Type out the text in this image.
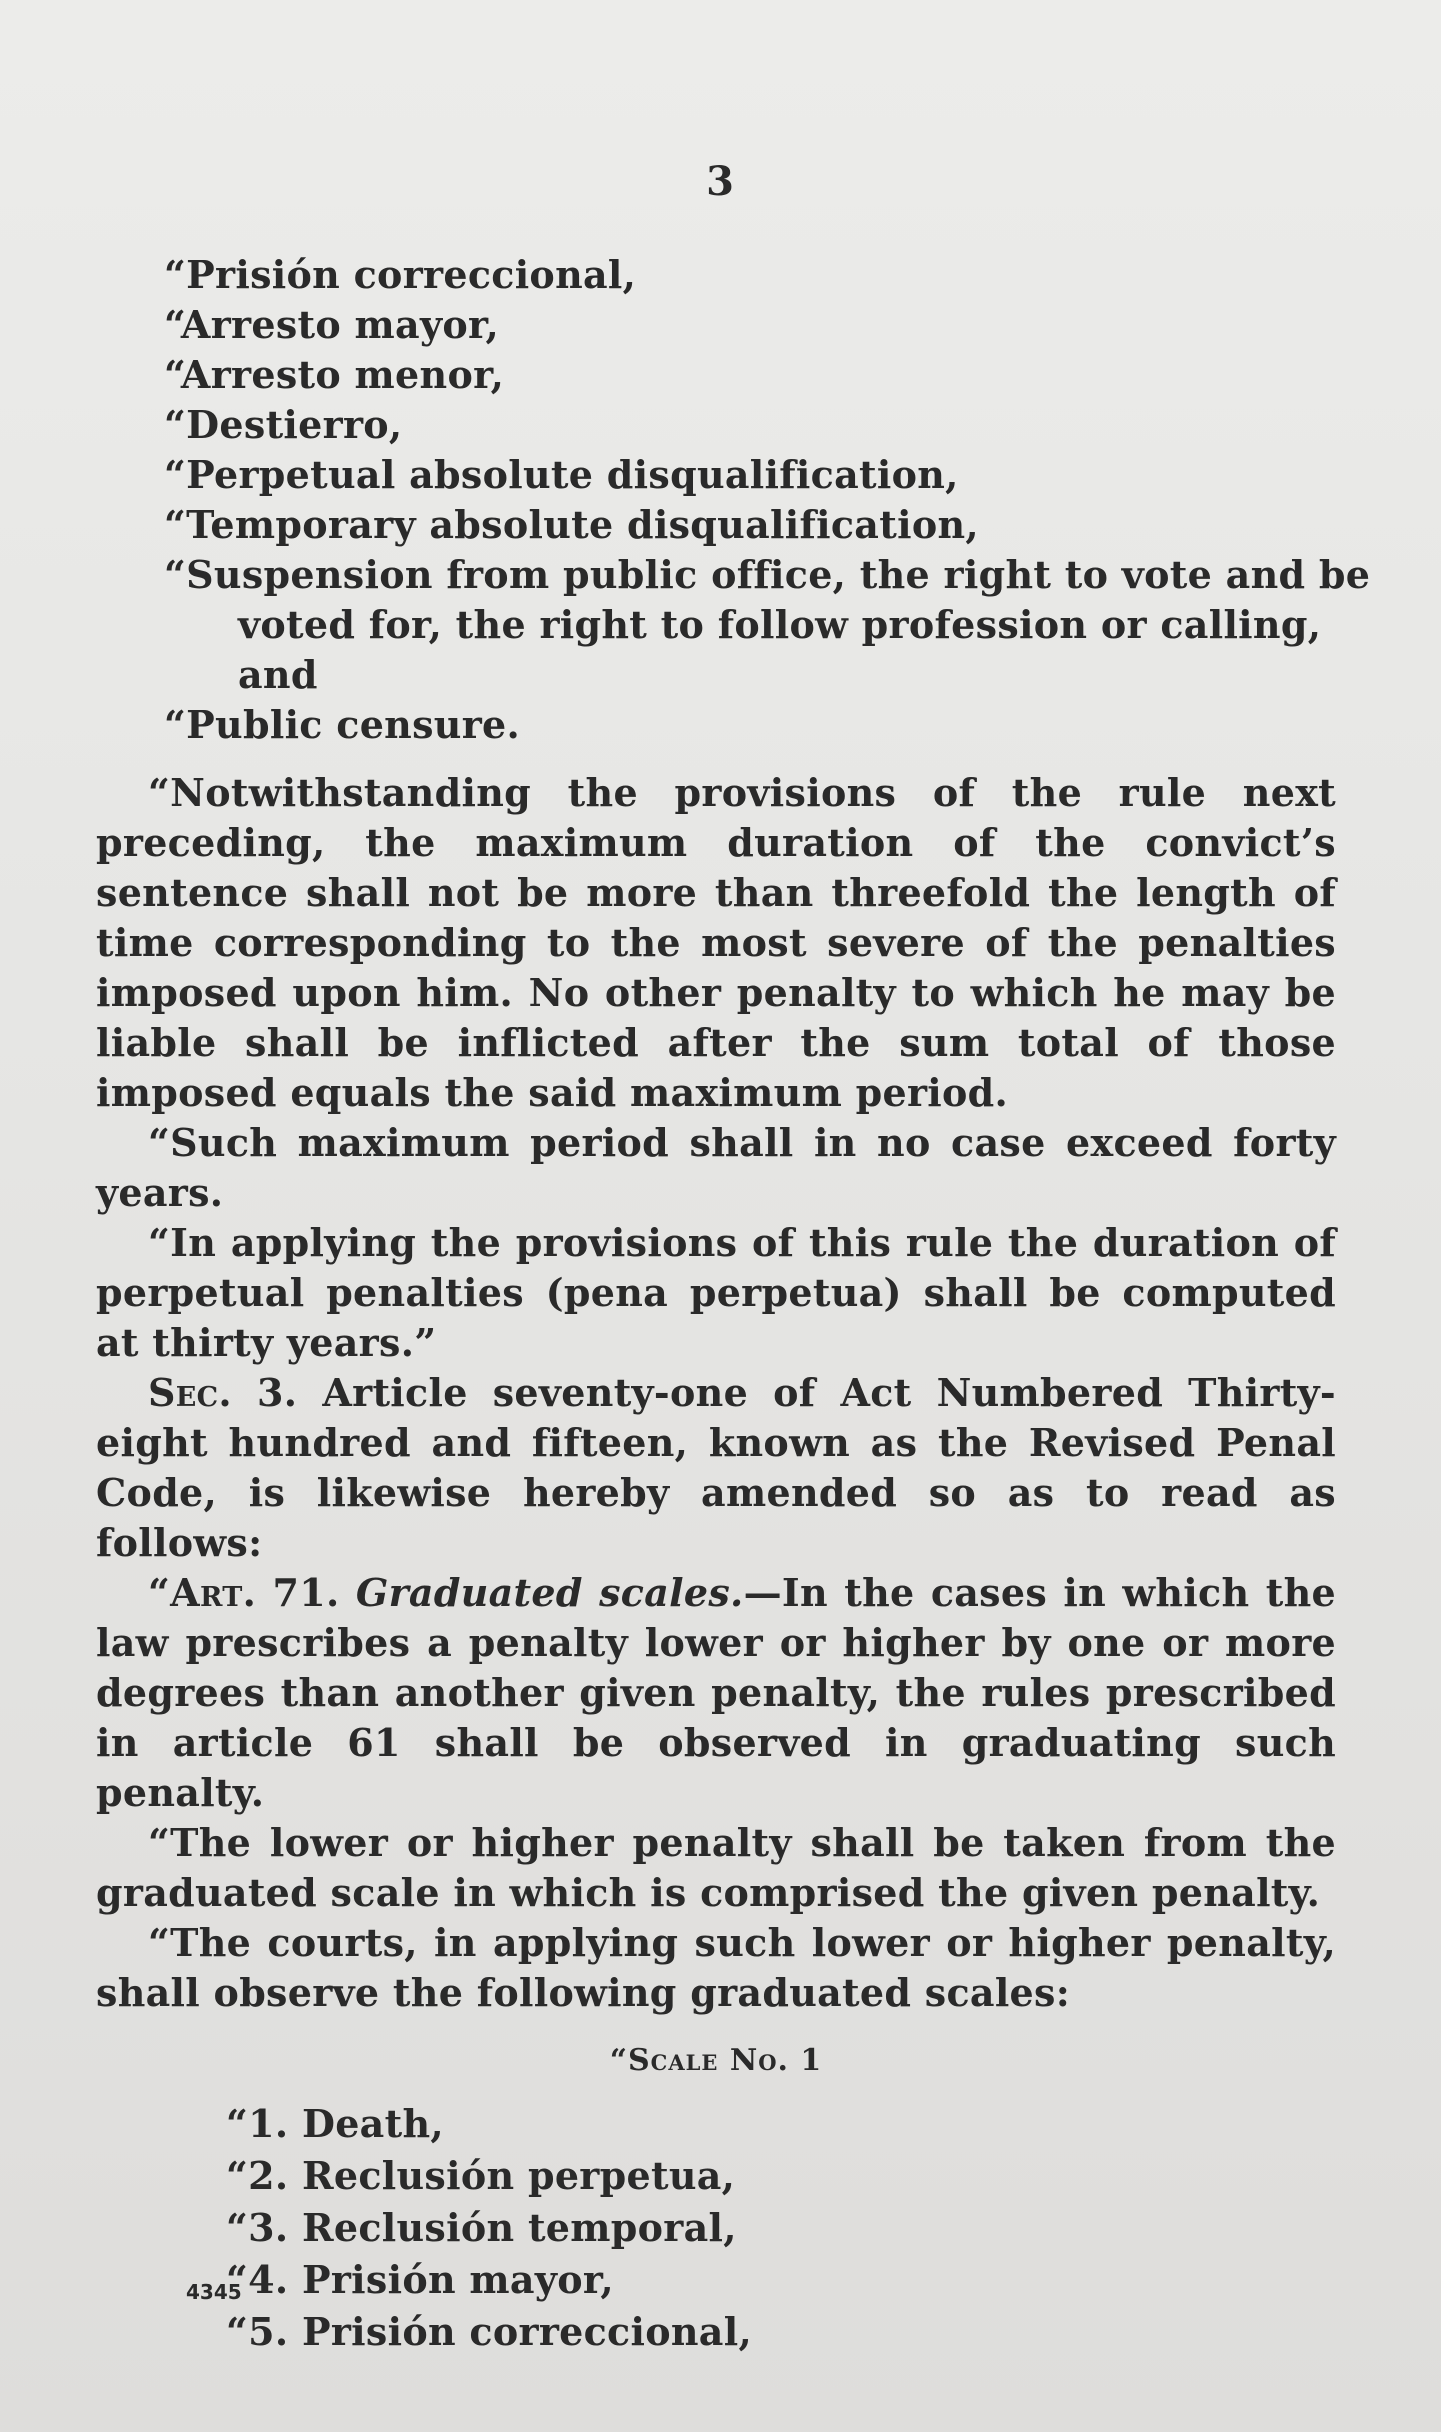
3
“Prisión correccional,
“Arresto mayor,
“Arresto menor,
“Destierro,
“Perpetual absolute disqualification,
“Temporary absolute disqualification,
“Suspension from public office, the right to vote and be voted for, the right to follow profession or calling, and
“Public censure.

“Notwithstanding the provisions of the rule next preceding, the maximum duration of the convict’s sentence shall not be more than threefold the length of time corresponding to the most severe of the penalties imposed upon him. No other penalty to which he may be liable shall be inflicted after the sum total of those imposed equals the said maximum period.

“Such maximum period shall in no case exceed forty years.

“In applying the provisions of this rule the duration of perpetual penalties (pena perpetua) shall be computed at thirty years.”

Sec. 3. Article seventy-one of Act Numbered Thirty-eight hundred and fifteen, known as the Revised Penal Code, is likewise hereby amended so as to read as follows:

“Art. 71. Graduated scales.—In the cases in which the law prescribes a penalty lower or higher by one or more degrees than another given penalty, the rules prescribed in article 61 shall be observed in graduating such penalty.

“The lower or higher penalty shall be taken from the graduated scale in which is comprised the given penalty.

“The courts, in applying such lower or higher penalty, shall observe the following graduated scales:

“Scale No. 1
“1. Death,
“2. Reclusión perpetua,
“3. Reclusión temporal,
“4. Prisión mayor,
“5. Prisión correccional,
4345
